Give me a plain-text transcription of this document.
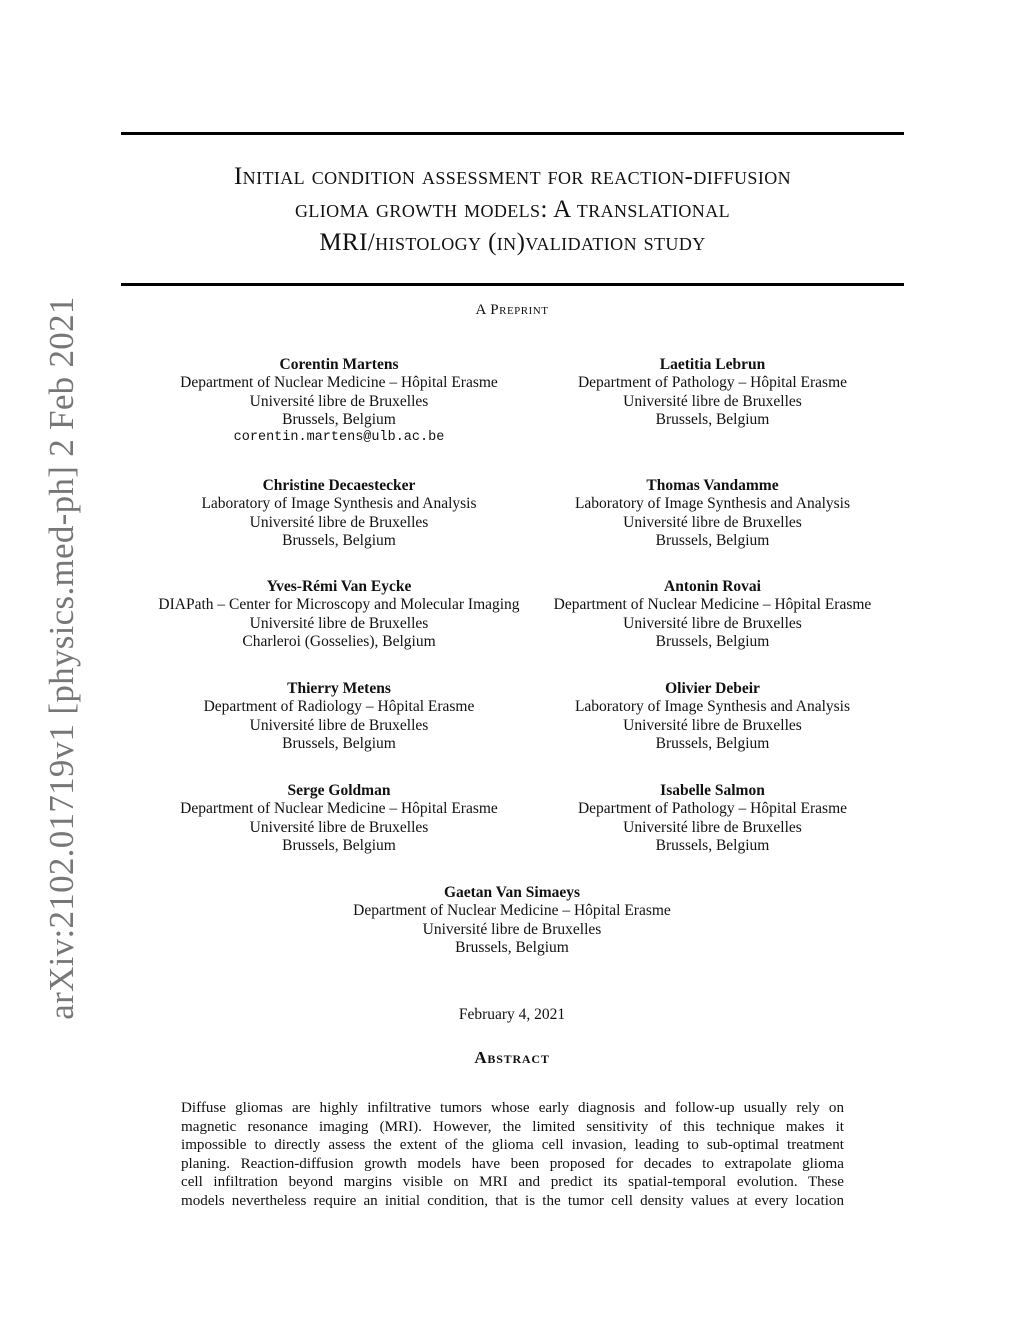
Initial condition assessment for reaction-diffusion
glioma growth models: A translational
MRI/histology (in)validation study
A Preprint
arXiv:2102.01719v1 [physics.med-ph] 2 Feb 2021	Corentin Martens
Department of Nuclear Medicine – Hôpital Erasme
Université libre de Bruxelles
Brussels, Belgium
corentin.martens@ulb.ac.be
Laetitia Lebrun
Department of Pathology – Hôpital Erasme
Université libre de Bruxelles
Brussels, Belgium
Christine Decaestecker
Laboratory of Image Synthesis and Analysis
Université libre de Bruxelles
Brussels, Belgium
Thomas Vandamme
Laboratory of Image Synthesis and Analysis
Université libre de Bruxelles
Brussels, Belgium
Yves-Rémi Van Eycke
DIAPath – Center for Microscopy and Molecular Imaging
Université libre de Bruxelles
Charleroi (Gosselies), Belgium
Antonin Rovai
Department of Nuclear Medicine – Hôpital Erasme
Université libre de Bruxelles
Brussels, Belgium
Thierry Metens
Department of Radiology – Hôpital Erasme
Université libre de Bruxelles
Brussels, Belgium
Olivier Debeir
Laboratory of Image Synthesis and Analysis
Université libre de Bruxelles
Brussels, Belgium
Serge Goldman
Department of Nuclear Medicine – Hôpital Erasme
Université libre de Bruxelles
Brussels, Belgium
Isabelle Salmon
Department of Pathology – Hôpital Erasme
Université libre de Bruxelles
Brussels, Belgium
Gaetan Van Simaeys
Department of Nuclear Medicine – Hôpital Erasme
Université libre de Bruxelles
Brussels, Belgium
February 4, 2021
Abstract
Diffuse gliomas are highly infiltrative tumors whose early diagnosis and follow-up usually rely on
magnetic resonance imaging (MRI). However, the limited sensitivity of this technique makes it
impossible to directly assess the extent of the glioma cell invasion, leading to sub-optimal treatment
planing. Reaction-diffusion growth models have been proposed for decades to extrapolate glioma
cell infiltration beyond margins visible on MRI and predict its spatial-temporal evolution. These
models nevertheless require an initial condition, that is the tumor cell density values at every location
